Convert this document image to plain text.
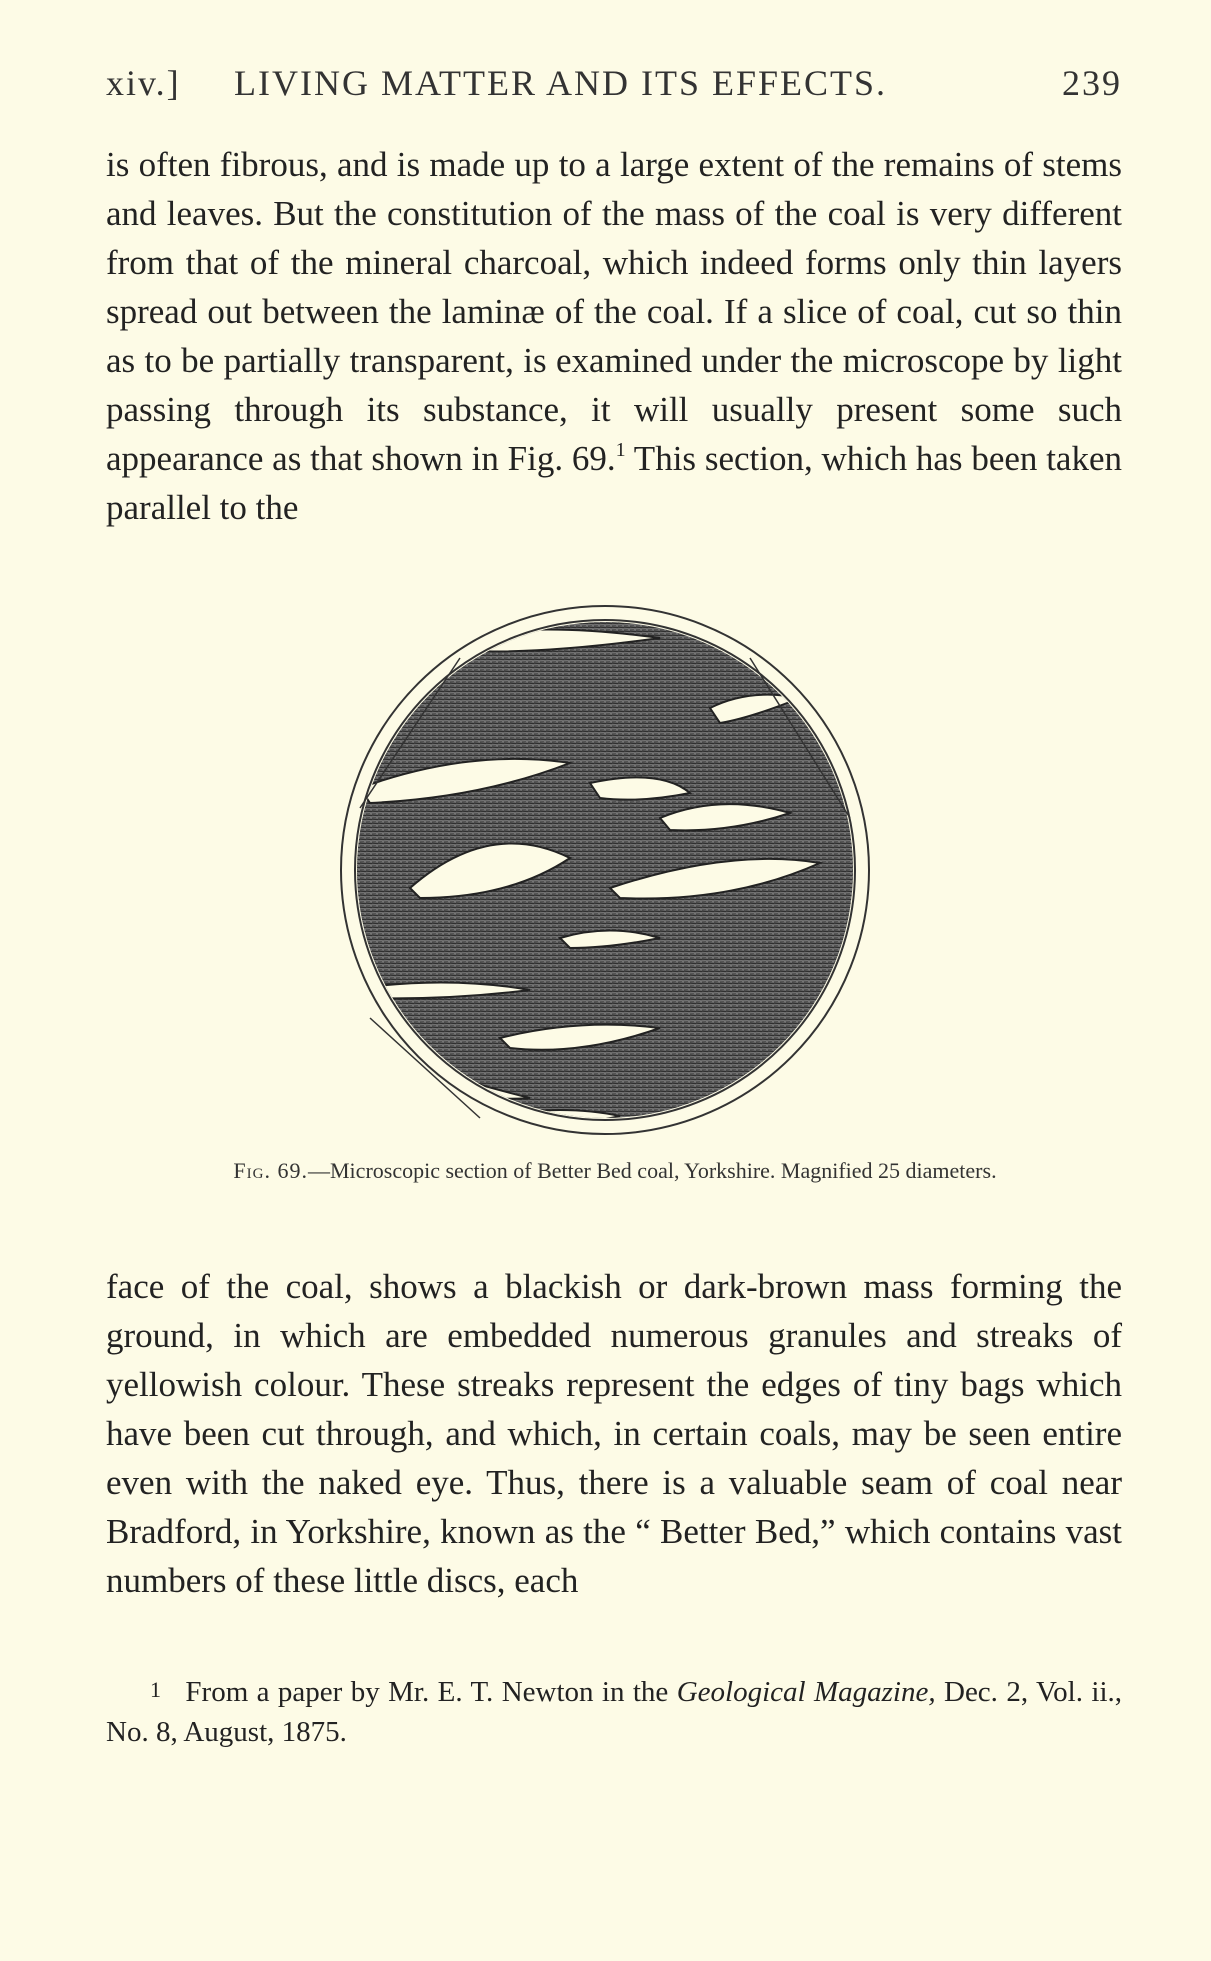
xiv.] LIVING MATTER AND ITS EFFECTS.	239

is often fibrous, and is made up to a large extent of the remains of stems and leaves. But the constitution of the mass of the coal is very different from that of the mineral charcoal, which indeed forms only thin layers spread out between the laminæ of the coal. If a slice of coal, cut so thin as to be partially transparent, is examined under the microscope by light passing through its substance, it will usually present some such appearance as that shown in Fig. 69.$^1$ This section, which has been taken parallel to the

Fig. 69.—Microscopic section of Better Bed coal, Yorkshire. Magnified 25 diameters.

face of the coal, shows a blackish or dark-brown mass forming the ground, in which are embedded numerous granules and streaks of yellowish colour. These streaks represent the edges of tiny bags which have been cut through, and which, in certain coals, may be seen entire even with the naked eye. Thus, there is a valuable seam of coal near Bradford, in Yorkshire, known as the “ Better Bed,” which contains vast numbers of these little discs, each

1 From a paper by Mr. E. T. Newton in the Geological Magazine, Dec. 2, Vol. ii., No. 8, August, 1875.
